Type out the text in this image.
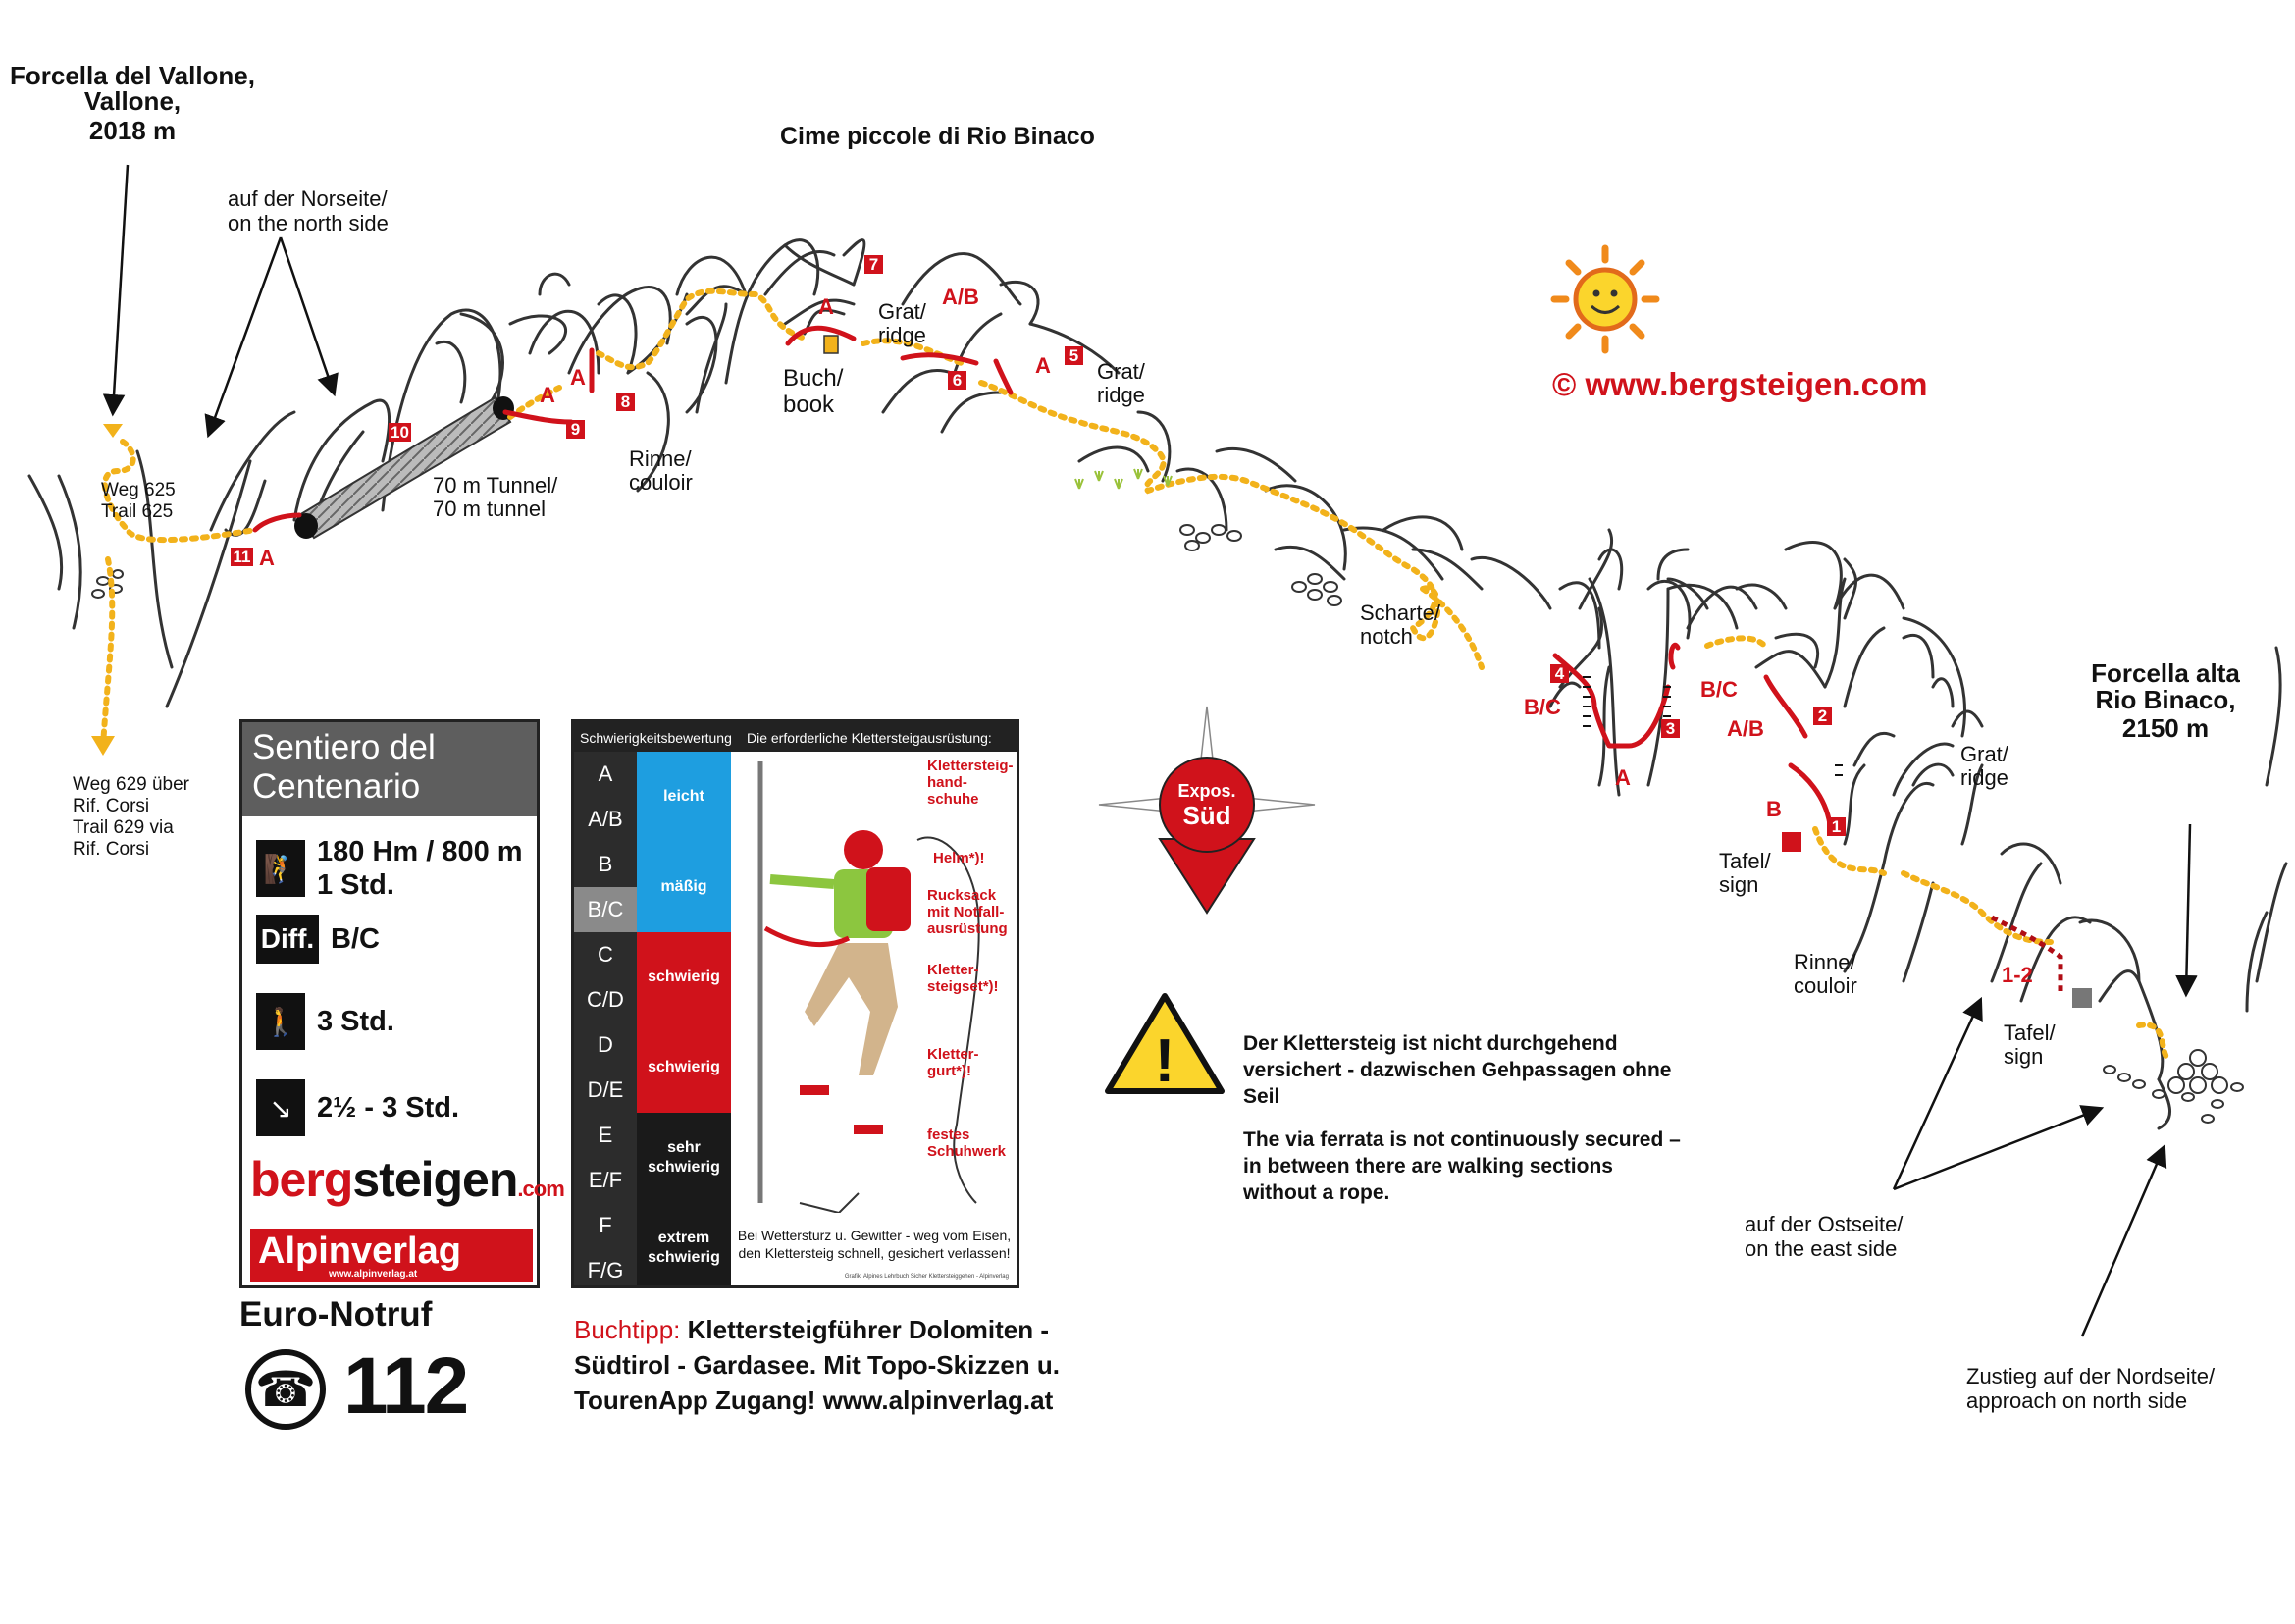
1
2
3
4
5
6
7
8
9
10
11 A
A
A
A	A/B
A
B/C
A
B/C
A/B
B
1-2
Cime piccole di Rio Binaco
Forcella del Vallone,
Vallone,
2018 m
Forcella alta
Rio Binaco,
2150 m
auf der Norseite/
on the north side
Weg 625
Trail 625
Weg 629 über
Rif. Corsi
Trail 629 via
Rif. Corsi
70 m Tunnel/
70 m tunnel
Rinne/
couloir
Buch/
book
Grat/
ridge
Grat/
ridge
Scharte/
notch
Tafel/
sign
Rinne/
couloir
Grat/
ridge
Tafel/
sign
auf der Ostseite/
on the east side
Zustieg auf der Nordseite/
approach on north side
© www.bergsteigen.com
Expos.
Süd
!
Sentiero del
Centenario
🧗
180 Hm / 800 m
1 Std.
Diff. B/C
🚶 3 Std.
↘ 2½ - 3 Std.
bergsteigen.com
Alpinverlag
www.alpinverlag.at
Euro-Notruf
☎ 112
Schwierigkeitsbewertung Die erforderliche Klettersteigausrüstung:
A
A/B
B
B/C
C
C/D
D
D/E
E
E/F
F
F/G
leicht
mäßig
schwierig
schwierig
sehr schwierig
extrem schwierig
Klettersteig-
hand-
schuhe
Helm*)!
Rucksack
mit Notfall-
ausrüstung
Kletter-
steigset*)!
Kletter-
gurt*)!
festes
Schuhwerk
Bei Wettersturz u. Gewitter - weg vom Eisen,
den Klettersteig schnell, gesichert verlassen!
Grafik: Alpines Lehrbuch Sicher Klettersteiggehen - Alpinverlag
Buchtipp: Klettersteigführer Dolomiten -
Südtirol - Gardasee. Mit Topo-Skizzen u.
TourenApp Zugang! www.alpinverlag.at
Der Klettersteig ist nicht durchgehend versichert - dazwischen Gehpassagen ohne Seil
The via ferrata is not continuously secured – in between there are walking sections without a rope.
